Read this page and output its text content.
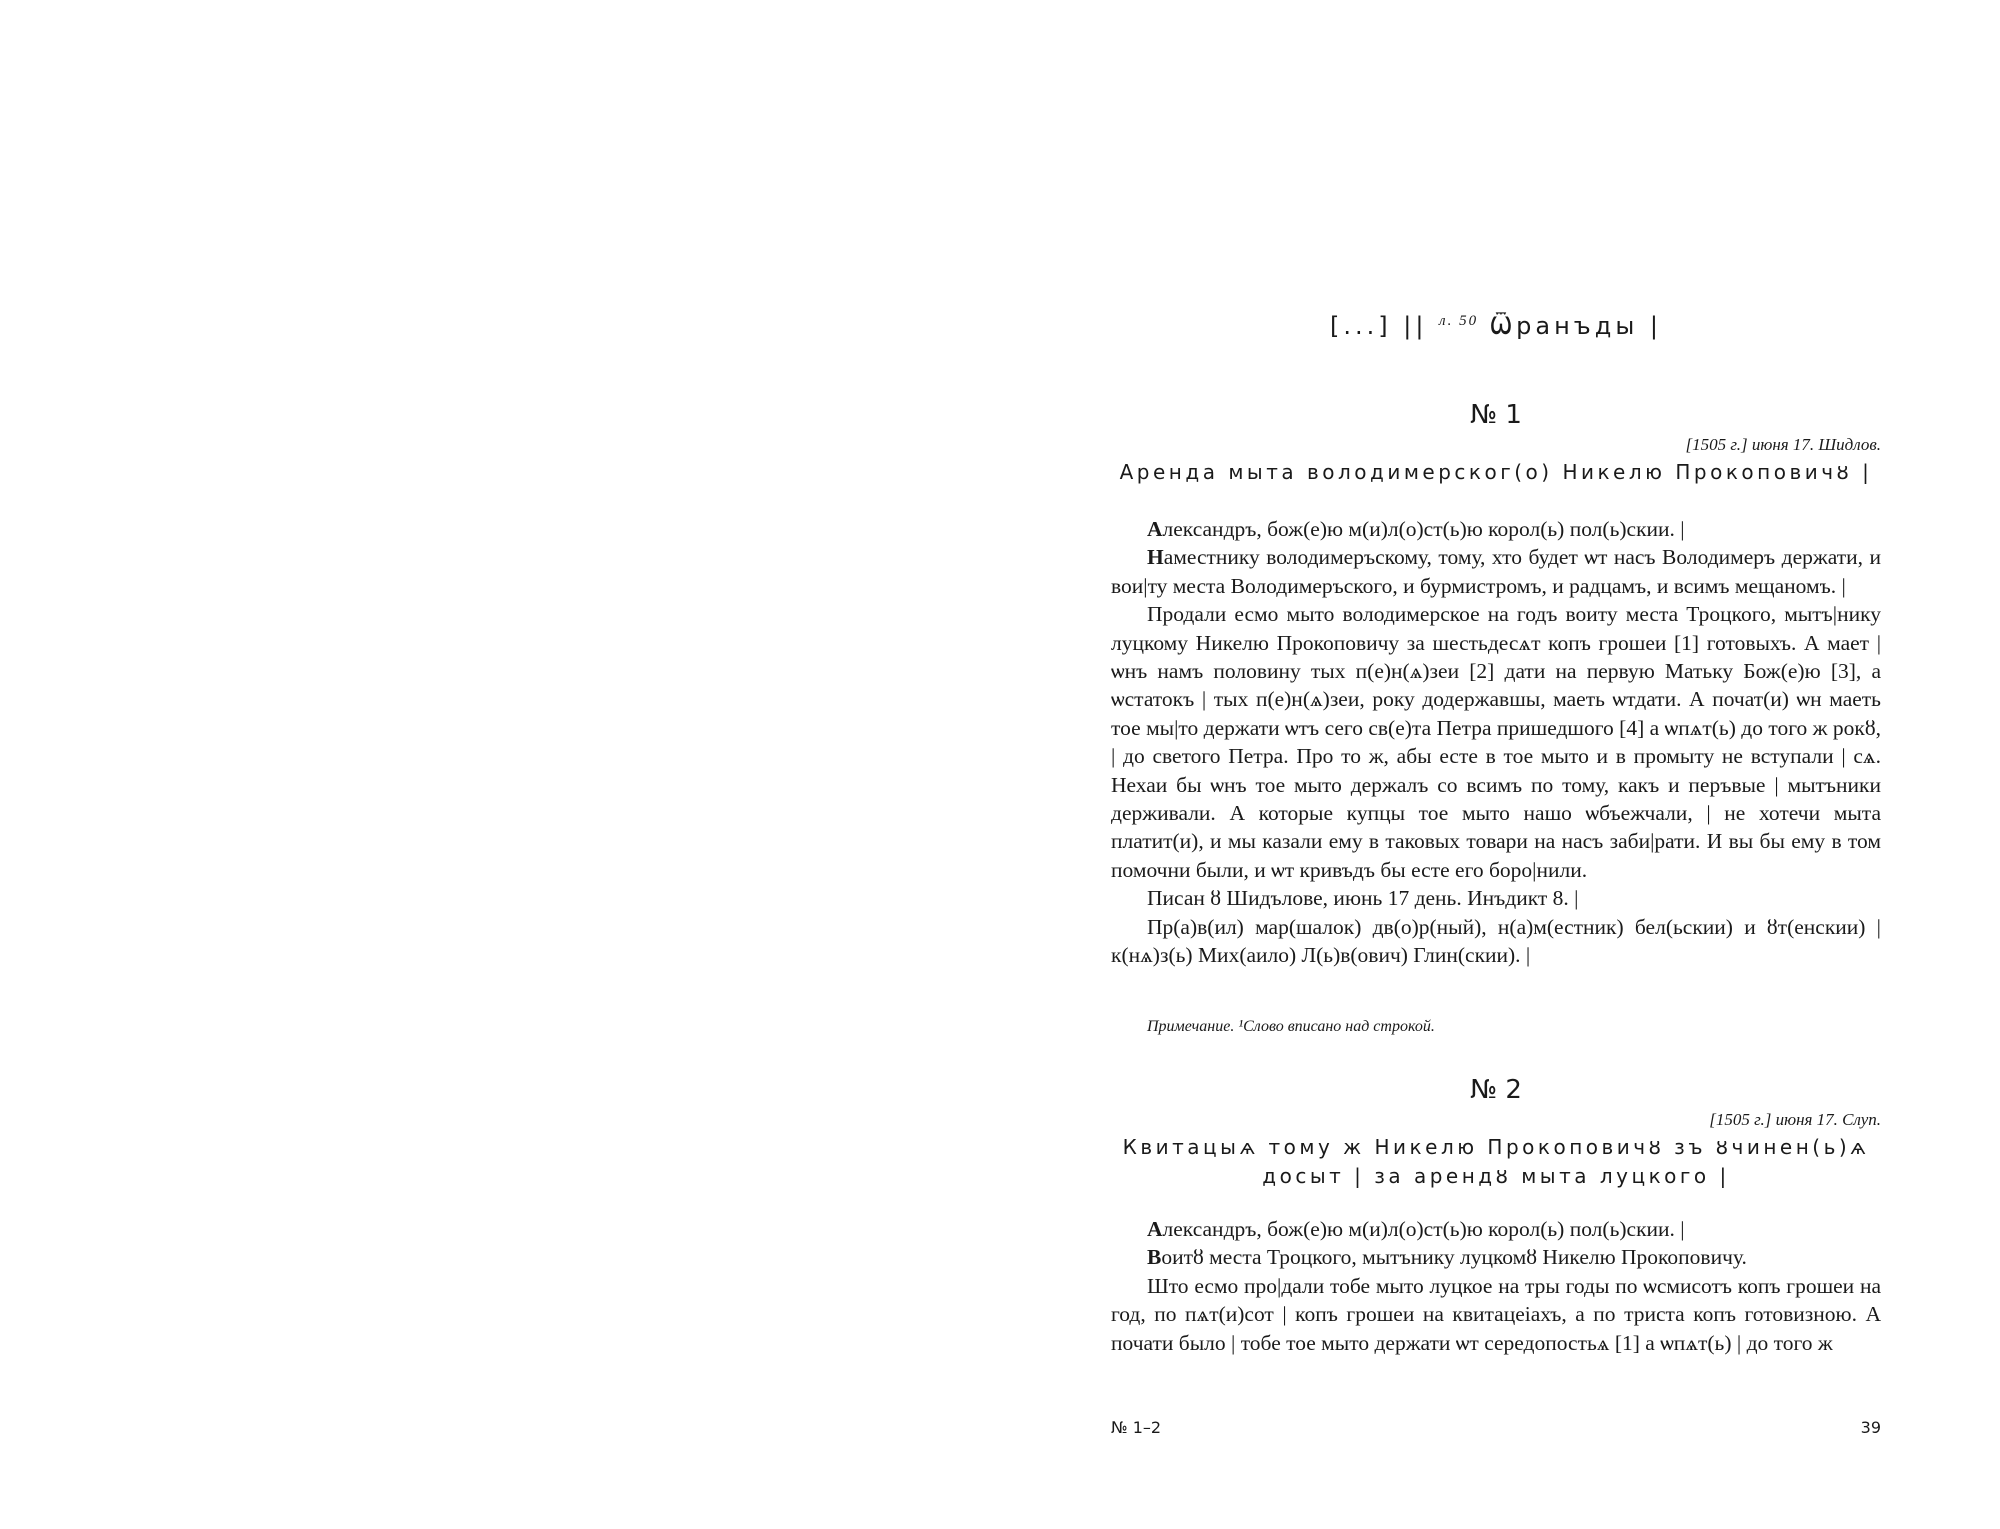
[...] || $^{л. 50}$ Ѿранъды |
№ 1
[1505 г.] июня 17. Шидлов.
Аренда мыта володимерског(о) Никелю Прокоповичȣ |

Александръ, бож(е)ю м(и)л(о)ст(ь)ю корол(ь) пол(ь)скии. |

Наместнику володимеръскому, тому, хто будет ѡт насъ Володимеръ держати, и вои|ту места Володимеръского, и бурмистромъ, и радцамъ, и всимъ мещаномъ. |

Продали есмо мыто володимерское на годъ воиту места Троцкого, мытъ|нику луцкому Никелю Прокоповичу за шестьдесѧт копъ грошеи [1] готовыхъ. А мает | ѡнъ намъ половину тых п(е)н(ѧ)зеи [2] дати на первую Матьку Бож(е)ю [3], а ѡстатокъ | тых п(е)н(ѧ)зеи, року додержавшы, маеть ѡтдати. А почат(и) ѡн маеть тое мы|то держати ѡтъ сего св(е)та Петра пришедшого [4] а ѡпѧт(ь) до того ж рокȣ, | до светого Петра. Про то ж, абы есте в тое мыто и в промыту не вступали | сѧ. Нехаи бы ѡнъ тое мыто держалъ со всимъ по тому, какъ и перъвые | мытъники держивали. А которые купцы тое мыто нашо ѡбъежчали, | не хотечи мыта платит(и), и мы казали ему в таковых товари на насъ заби|рати. И вы бы ему в том помочни были, и ѡт кривъдъ бы есте его боро|нили.

Писан ȣ Шидълове, июнь 17 день. Инъдикт 8. |

Пр(а)в(ил) мар(шалок) дв(о)р(ный), н(а)м(естник) бел(ьскии) и ȣт(енскии) | к(нѧ)з(ь) Мих(аило) Л(ь)в(ович) Глин(скии). |

Примечание. ¹Слово вписано над строкой.
№ 2
[1505 г.] июня 17. Слуп.
Квитацыѧ тому ж Никелю Прокоповичȣ зъ ȣчинен(ь)ѧ
досыт | за арендȣ мыта луцкого |

Александръ, бож(е)ю м(и)л(о)ст(ь)ю корол(ь) пол(ь)скии. |

Воитȣ места Троцкого, мытънику луцкомȣ Никелю Прокоповичу.

Што есмо про|дали тобе мыто луцкое на тры годы по ѡсмисотъ копъ грошеи на год, по пѧт(и)сот | копъ грошеи на квитацеiахъ, а по триста копъ готовизною. А почати было | тобе тое мыто держати ѡт середопостьѧ [1] а ѡпѧт(ь) | до того ж

№ 1–2	39
